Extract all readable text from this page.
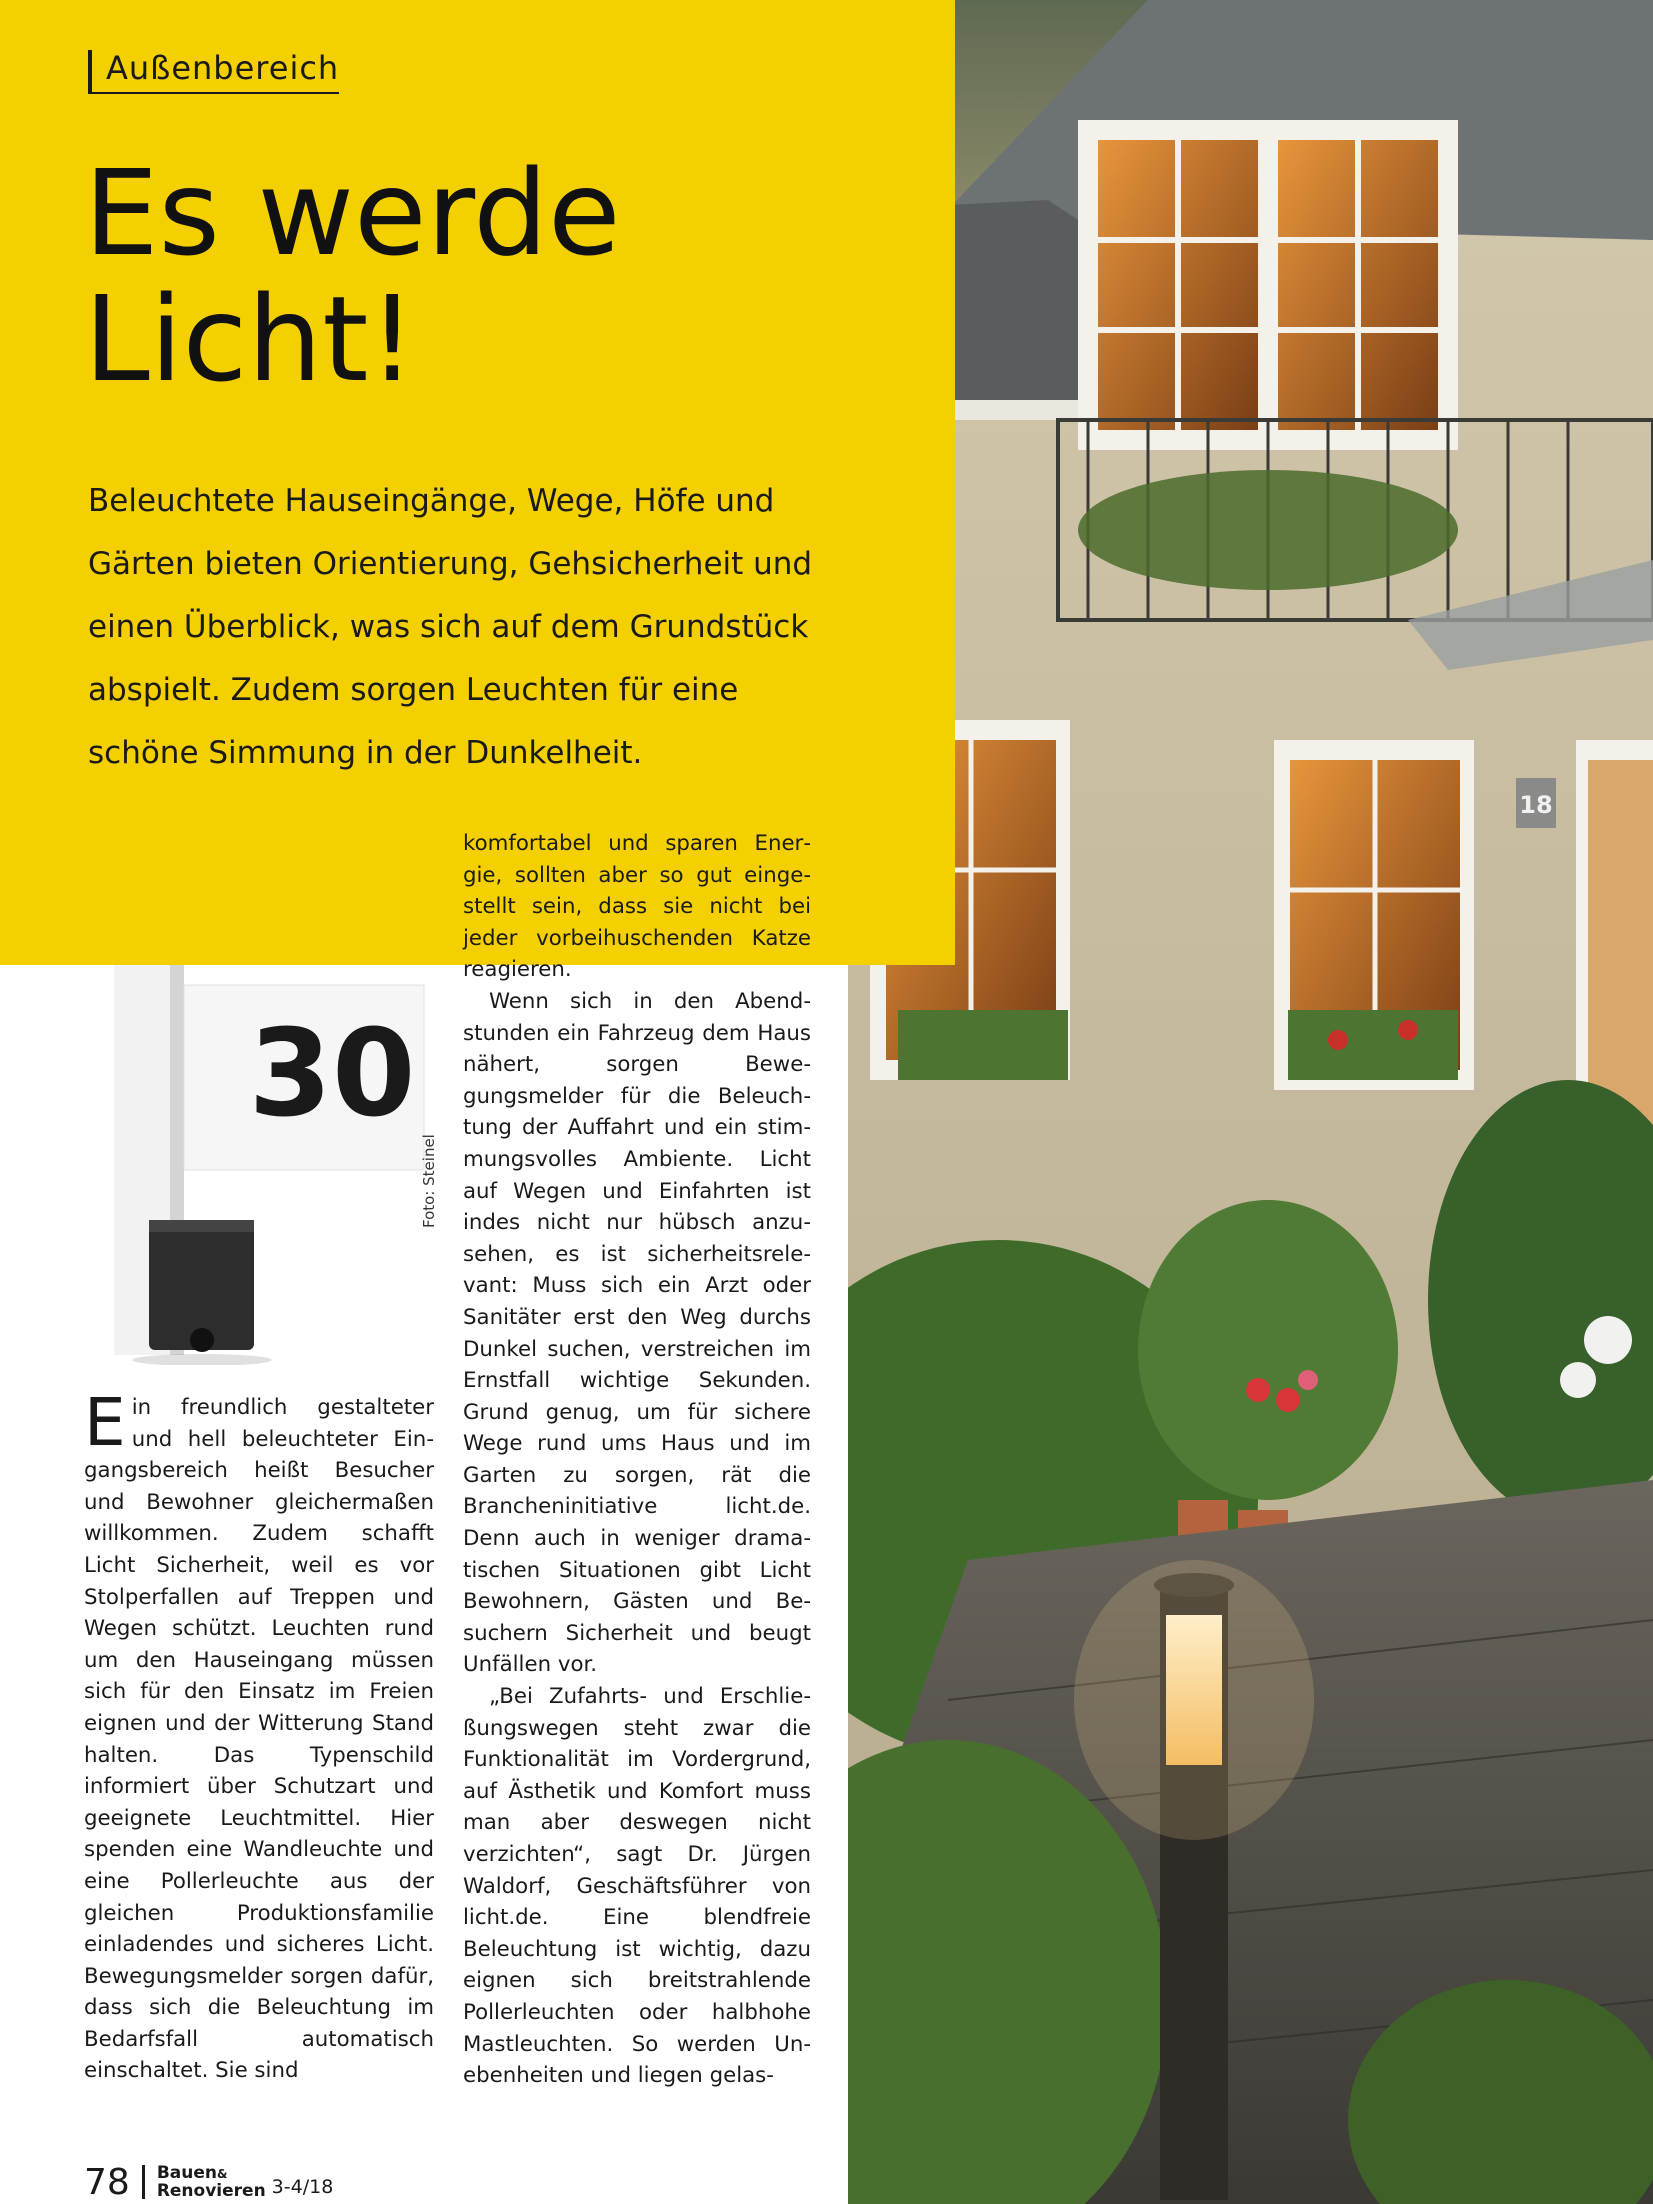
18
Außenbereich
Es werde
Licht!

Beleuchtete Hauseingänge, Wege, Höfe und Gärten bieten Orientierung, Gehsicherheit und einen Überblick, was sich auf dem Grundstück abspielt. Zudem sorgen Leuchten für eine schöne Simmung in der Dunkelheit.

30
Foto: Steinel

komfortabel und sparen Energie, sollten aber so gut eingestellt sein, dass sie nicht bei jeder vorbeihuschenden Katze reagieren.

Wenn sich in den Abendstunden ein Fahrzeug dem Haus nähert, sorgen Bewegungsmelder für die Beleuchtung der Auffahrt und ein stimmungsvolles Ambiente. Licht auf Wegen und Einfahrten ist indes nicht nur hübsch anzusehen, es ist sicherheitsrelevant: Muss sich ein Arzt oder Sanitäter erst den Weg durchs Dunkel suchen, verstreichen im Ernstfall wichtige Sekunden. Grund genug, um für sichere Wege rund ums Haus und im Garten zu sorgen, rät die Brancheninitiative licht.de. Denn auch in weniger dramatischen Situationen gibt Licht Bewohnern, Gästen und Besuchern Sicherheit und beugt Unfällen vor.

„Bei Zufahrts- und Erschließungswegen steht zwar die Funktionalität im Vordergrund, auf Ästhetik und Komfort muss man aber deswegen nicht verzichten“, sagt Dr. Jürgen Waldorf, Geschäftsführer von licht.de. Eine blendfreie Beleuchtung ist wichtig, dazu eignen sich breitstrahlende Pollerleuchten oder halbhohe Mastleuchten. So werden Unebenheiten und liegen gelas-

Ein freundlich gestalteter und hell beleuchteter Eingangsbereich heißt Besucher und Bewohner gleichermaßen willkommen. Zudem schafft Licht Sicherheit, weil es vor Stolperfallen auf Treppen und Wegen schützt. Leuchten rund um den Hauseingang müssen sich für den Einsatz im Freien eignen und der Witterung Stand halten. Das Typenschild informiert über Schutzart und geeignete Leuchtmittel. Hier spenden eine Wandleuchte und eine Pollerleuchte aus der gleichen Produktionsfamilie einladendes und sicheres Licht. Bewegungsmelder sorgen dafür, dass sich die Beleuchtung im Bedarfsfall automatisch einschaltet. Sie sind

78 Bauen&
Renovieren 3-4/18
